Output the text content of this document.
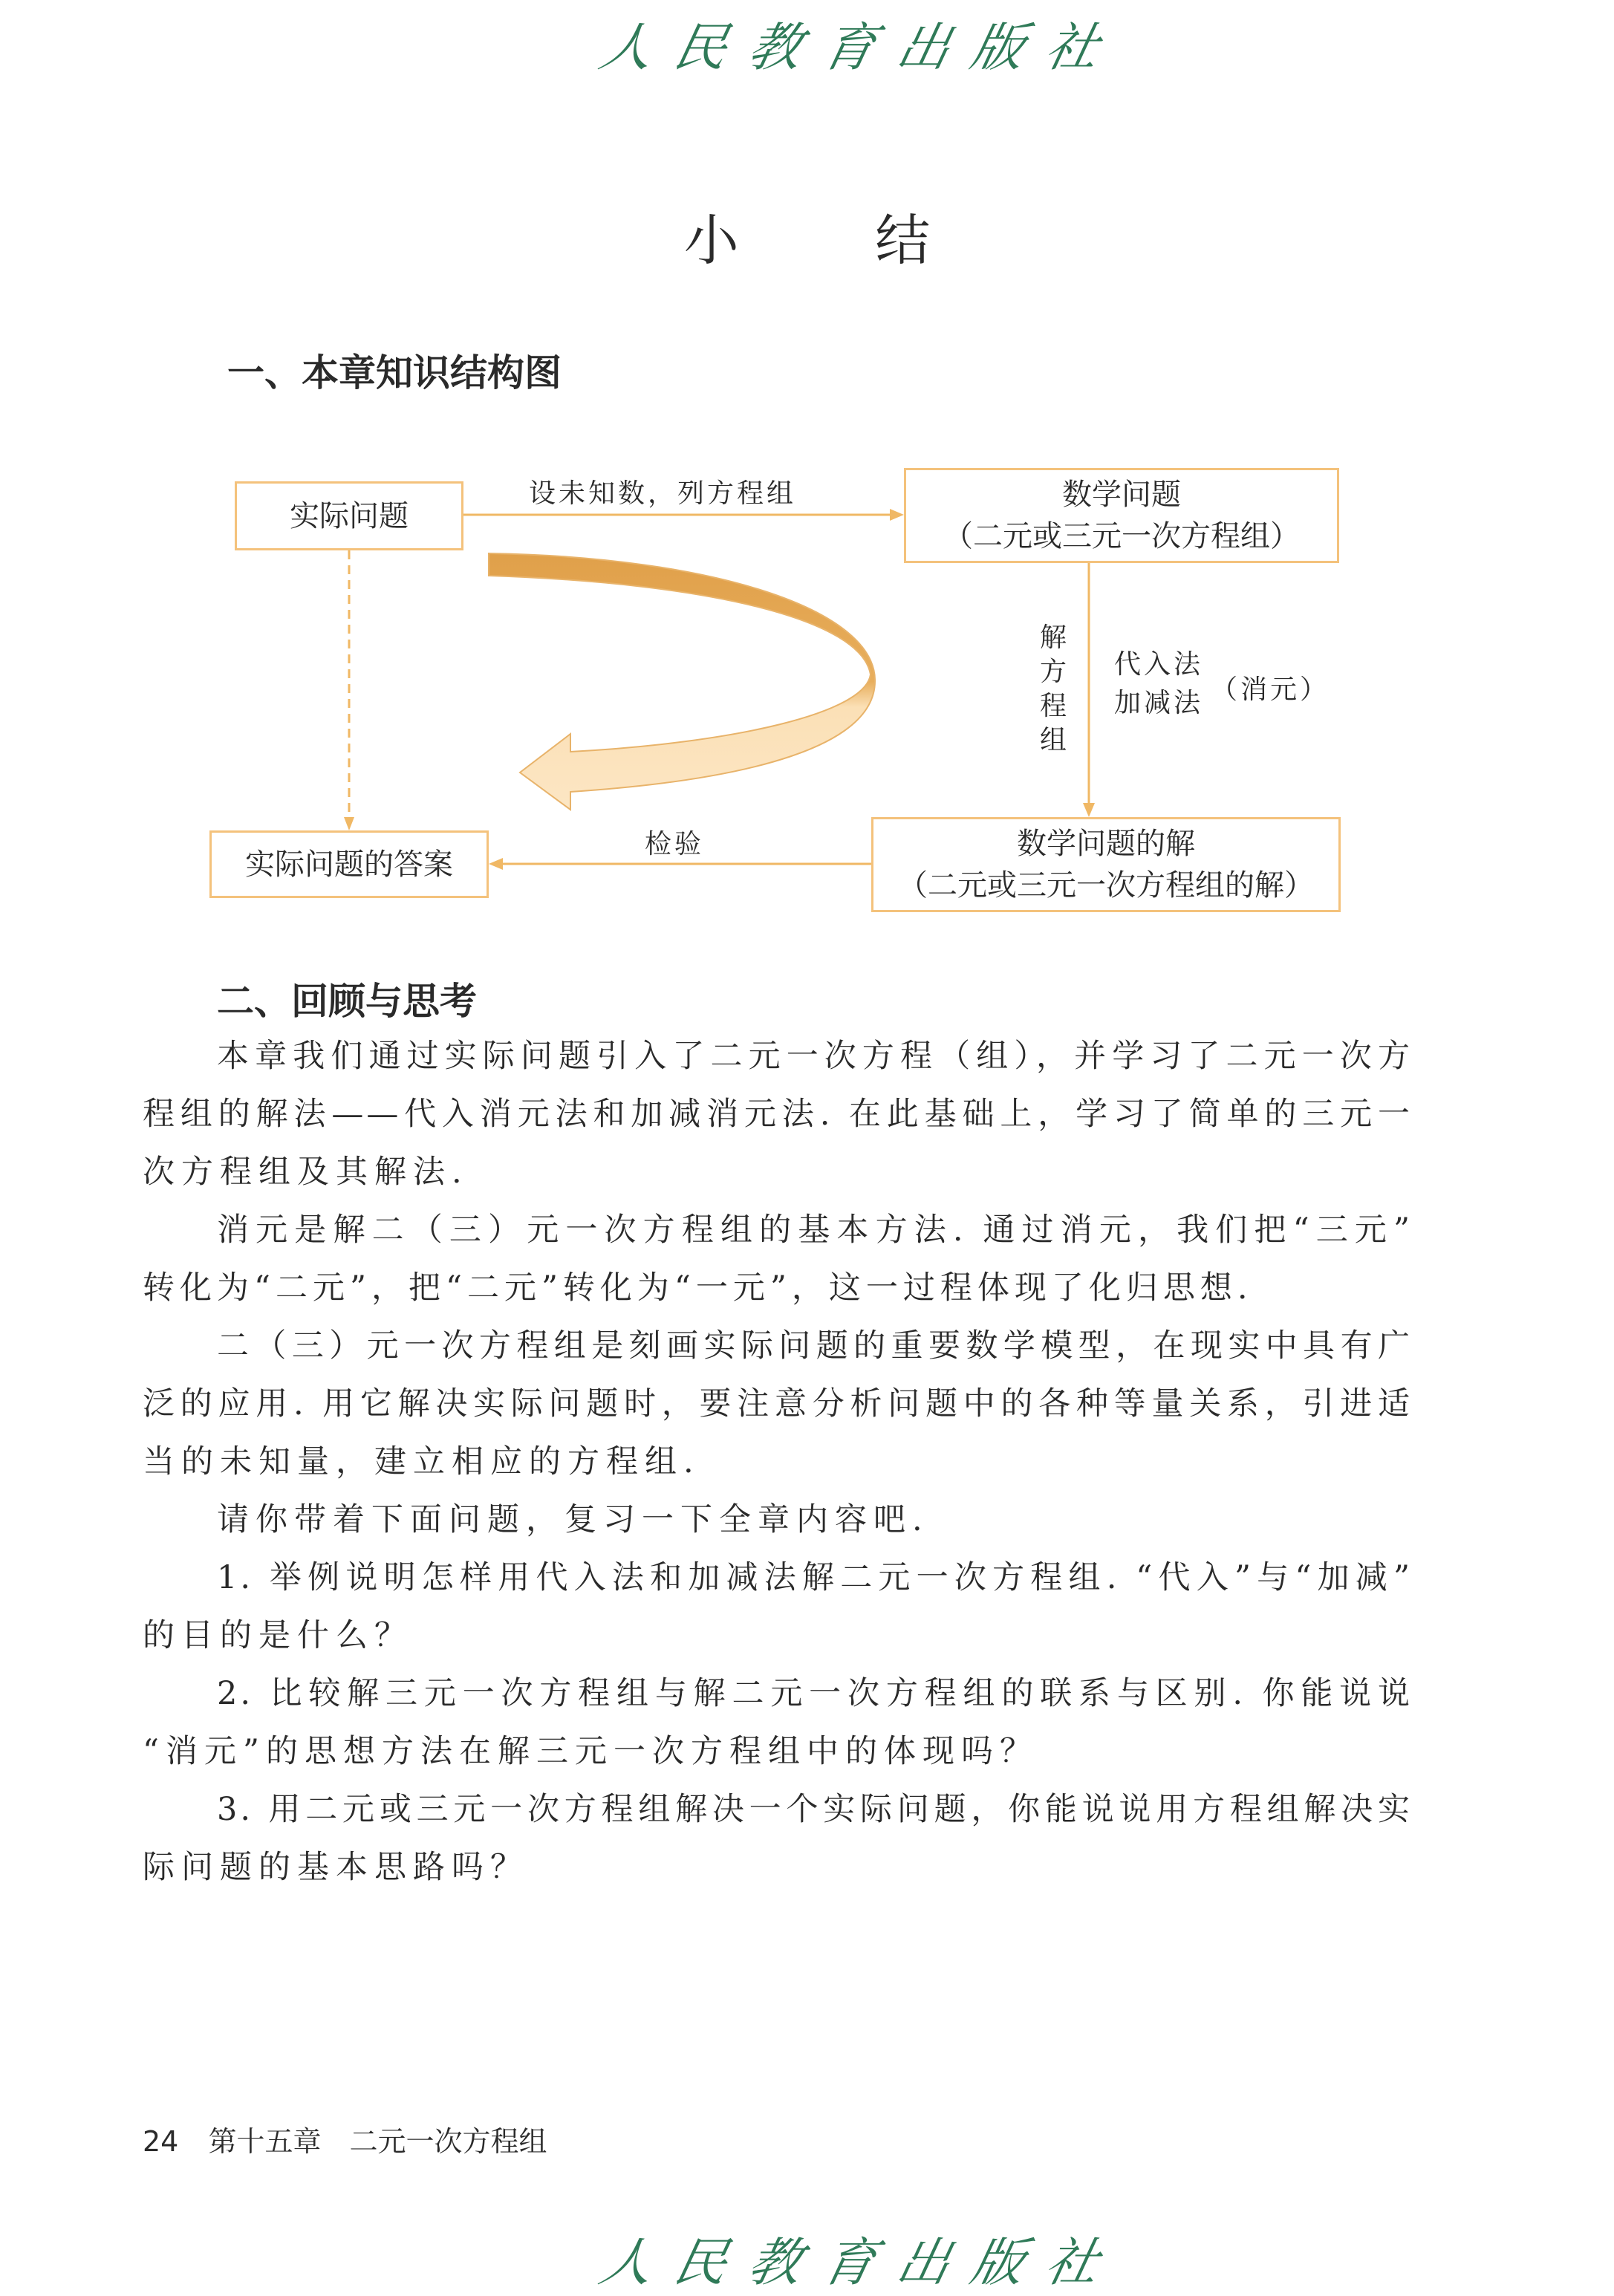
人民教育出版社
小 结
一、本章知识结构图
实际问题
数学问题
（二元或三元一次方程组）
实际问题的答案
数学问题的解
（二元或三元一次方程组的解）
设未知数，列方程组
解方程组
代入法
加减法 （消元）
检验
二、回顾与思考
本章我们通过实际问题引入了二元一次方程（组），并学习了二元一次方
程组的解法——代入消元法和加减消元法. 在此基础上，学习了简单的三元一
次方程组及其解法.
消元是解二（三）元一次方程组的基本方法. 通过消元，我们把“三元”
转化为“二元”，把“二元”转化为“一元”，这一过程体现了化归思想.
二（三）元一次方程组是刻画实际问题的重要数学模型，在现实中具有广
泛的应用. 用它解决实际问题时，要注意分析问题中的各种等量关系，引进适
当的未知量，建立相应的方程组.
请你带着下面问题，复习一下全章内容吧.
1. 举例说明怎样用代入法和加减法解二元一次方程组. “代入”与“加减”
的目的是什么？
2. 比较解三元一次方程组与解二元一次方程组的联系与区别. 你能说说
“消元”的思想方法在解三元一次方程组中的体现吗？
3. 用二元或三元一次方程组解决一个实际问题，你能说说用方程组解决实
际问题的基本思路吗？
24 第十五章　二元一次方程组
人民教育出版社
